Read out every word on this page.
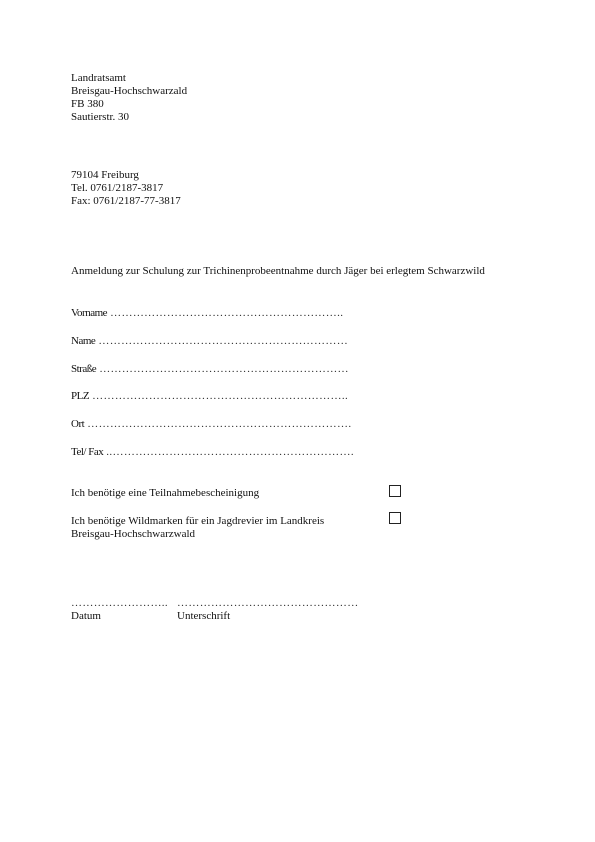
Landratsamt
Breisgau-Hochschwarzald
FB 380
Sautierstr. 30
79104 Freiburg
Tel. 0761/2187-3817
Fax: 0761/2187-77-3817
Anmeldung zur Schulung zur Trichinenprobeentnahme durch Jäger bei erlegtem Schwarzwild
Vorname ……………………………………………………..
Name …………………………………………………………
Straße …………………………………………………………
PLZ …………………………………………………………..
Ort …………………………………………………………….
Tel/ Fax ..……………………………………………………….
Ich benötige eine Teilnahmebescheinigung
Ich benötige Wildmarken für ein Jagdrevier im Landkreis
Breisgau-Hochschwarzwald
……………………..
Datum
…………………………………………
Unterschrift
